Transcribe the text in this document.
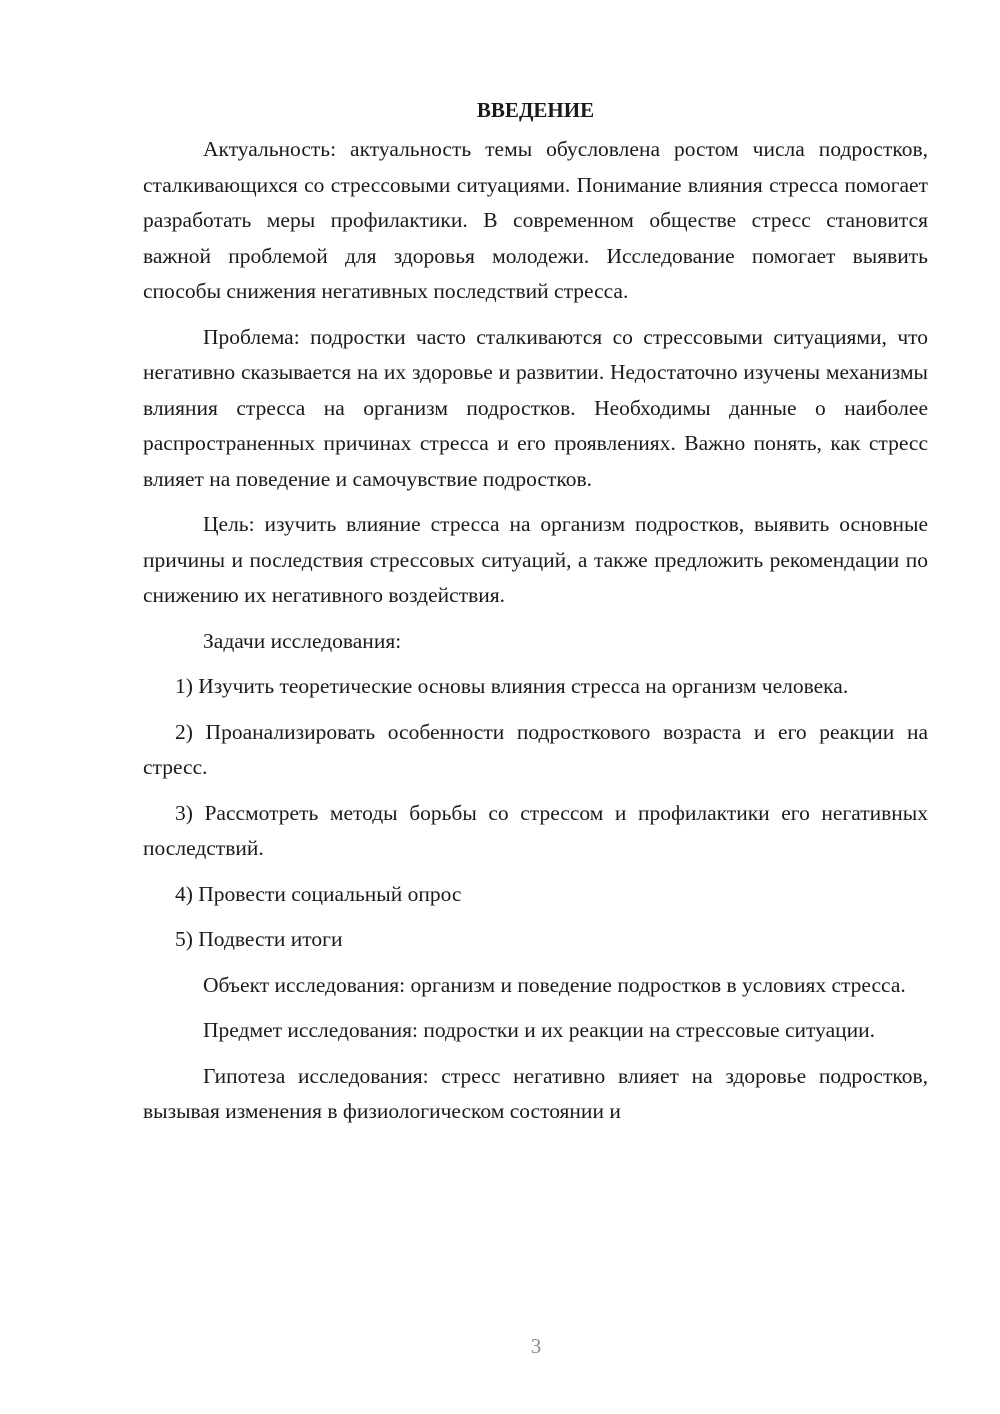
ВВЕДЕНИЕ

Актуальность: актуальность темы обусловлена ростом числа подростков, сталкивающихся со стрессовыми ситуациями. Понимание влияния стресса помогает разработать меры профилактики. В современном обществе стресс становится важной проблемой для здоровья молодежи. Исследование помогает выявить способы снижения негативных последствий стресса.

Проблема: подростки часто сталкиваются со стрессовыми ситуациями, что негативно сказывается на их здоровье и развитии. Недостаточно изучены механизмы влияния стресса на организм подростков. Необходимы данные о наиболее распространенных причинах стресса и его проявлениях. Важно понять, как стресс влияет на поведение и самочувствие подростков.

Цель: изучить влияние стресса на организм подростков, выявить основные причины и последствия стрессовых ситуаций, а также предложить рекомендации по снижению их негативного воздействия.

Задачи исследования:

1) Изучить теоретические основы влияния стресса на организм человека.

2) Проанализировать особенности подросткового возраста и его реакции на стресс.

3) Рассмотреть методы борьбы со стрессом и профилактики его негативных последствий.

4) Провести социальный опрос

5) Подвести итоги

Объект исследования: организм и поведение подростков в условиях стресса.

Предмет исследования: подростки и их реакции на стрессовые ситуации.

Гипотеза исследования: стресс негативно влияет на здоровье подростков, вызывая изменения в физиологическом состоянии и

3
